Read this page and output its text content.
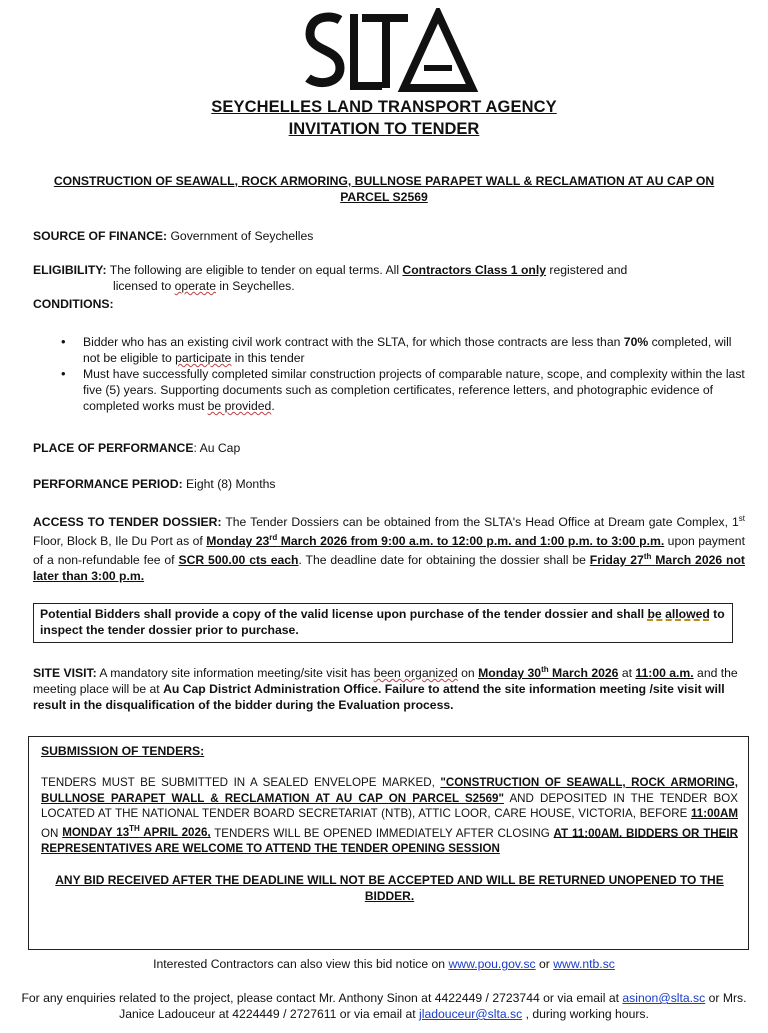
SEYCHELLES LAND TRANSPORT AGENCY
INVITATION TO TENDER
CONSTRUCTION OF SEAWALL, ROCK ARMORING, BULLNOSE PARAPET WALL & RECLAMATION AT AU CAP ON PARCEL S2569
SOURCE OF FINANCE: Government of Seychelles
ELIGIBILITY: The following are eligible to tender on equal terms. All Contractors Class 1 only registered and
licensed to operate in Seychelles.
CONDITIONS:
• Bidder who has an existing civil work contract with the SLTA, for which those contracts are less than 70% completed, will not be eligible to participate in this tender
• Must have successfully completed similar construction projects of comparable nature, scope, and complexity within the last five (5) years. Supporting documents such as completion certificates, reference letters, and photographic evidence of completed works must be provided.
PLACE OF PERFORMANCE: Au Cap
PERFORMANCE PERIOD: Eight (8) Months
ACCESS TO TENDER DOSSIER: The Tender Dossiers can be obtained from the SLTA's Head Office at Dream gate Complex, 1st Floor, Block B, Ile Du Port as of Monday 23rd March 2026 from 9:00 a.m. to 12:00 p.m. and 1:00 p.m. to 3:00 p.m. upon payment of a non-refundable fee of SCR 500.00 cts each. The deadline date for obtaining the dossier shall be Friday 27th March 2026 not later than 3:00 p.m.
Potential Bidders shall provide a copy of the valid license upon purchase of the tender dossier and shall be allowed to inspect the tender dossier prior to purchase.
SITE VISIT: A mandatory site information meeting/site visit has been organized on Monday 30th March 2026 at 11:00 a.m. and the meeting place will be at Au Cap District Administration Office. Failure to attend the site information meeting /site visit will result in the disqualification of the bidder during the Evaluation process.
SUBMISSION OF TENDERS:
TENDERS MUST BE SUBMITTED IN A SEALED ENVELOPE MARKED, "CONSTRUCTION OF SEAWALL, ROCK ARMORING, BULLNOSE PARAPET WALL & RECLAMATION AT AU CAP ON PARCEL S2569" AND DEPOSITED IN THE TENDER BOX LOCATED AT THE NATIONAL TENDER BOARD SECRETARIAT (NTB), ATTIC LOOR, CARE HOUSE, VICTORIA, BEFORE 11:00AM ON MONDAY 13TH APRIL 2026, TENDERS WILL BE OPENED IMMEDIATELY AFTER CLOSING AT 11:00AM. BIDDERS OR THEIR REPRESENTATIVES ARE WELCOME TO ATTEND THE TENDER OPENING SESSION
ANY BID RECEIVED AFTER THE DEADLINE WILL NOT BE ACCEPTED AND WILL BE RETURNED UNOPENED TO THE BIDDER.
Interested Contractors can also view this bid notice on www.pou.gov.sc or www.ntb.sc
For any enquiries related to the project, please contact Mr. Anthony Sinon at 4422449 / 2723744 or via email at asinon@slta.sc or Mrs. Janice Ladouceur at 4224449 / 2727611 or via email at jladouceur@slta.sc , during working hours.
